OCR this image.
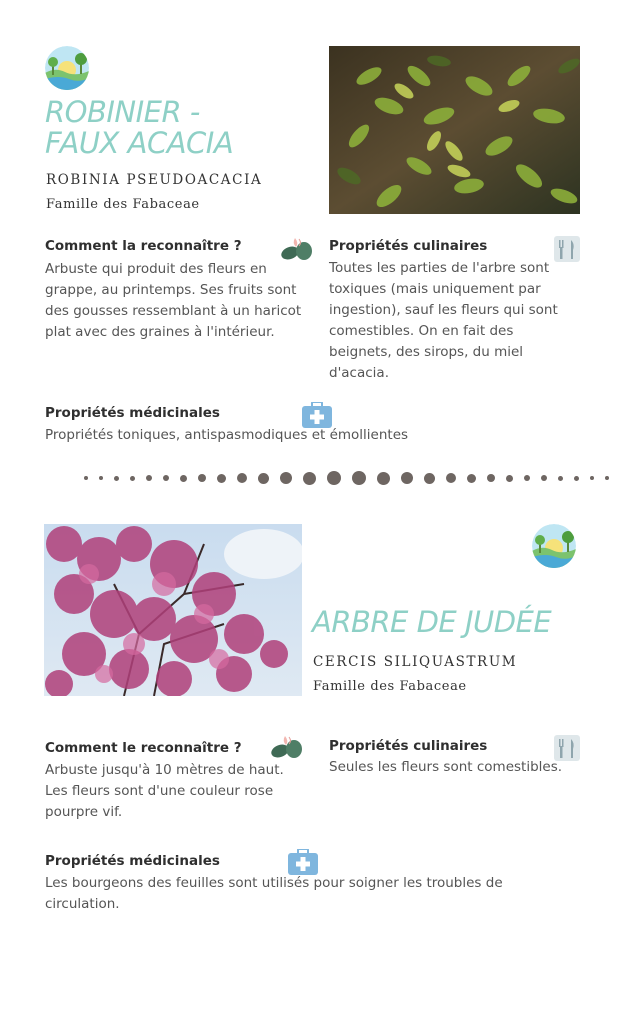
ROBINIER -
FAUX ACACIA
ROBINIA PSEUDOACACIA
Famille des Fabaceae
Comment la reconnaître ?
Arbuste qui produit des fleurs en
grappe, au printemps. Ses fruits sont
des gousses ressemblant à un haricot
plat avec des graines à l'intérieur.
Propriétés culinaires
Toutes les parties de l'arbre sont
toxiques (mais uniquement par
ingestion), sauf les fleurs qui sont
comestibles. On en fait des
beignets, des sirops, du miel
d'acacia.
Propriétés médicinales
Propriétés toniques, antispasmodiques et émollientes
ARBRE DE JUDÉE
CERCIS SILIQUASTRUM
Famille des Fabaceae
Comment le reconnaître ?
Arbuste jusqu'à 10 mètres de haut.
Les fleurs sont d'une couleur rose
pourpre vif.
Propriétés culinaires
Seules les fleurs sont comestibles.
Propriétés médicinales
Les bourgeons des feuilles sont utilisés pour soigner les troubles de
circulation.
